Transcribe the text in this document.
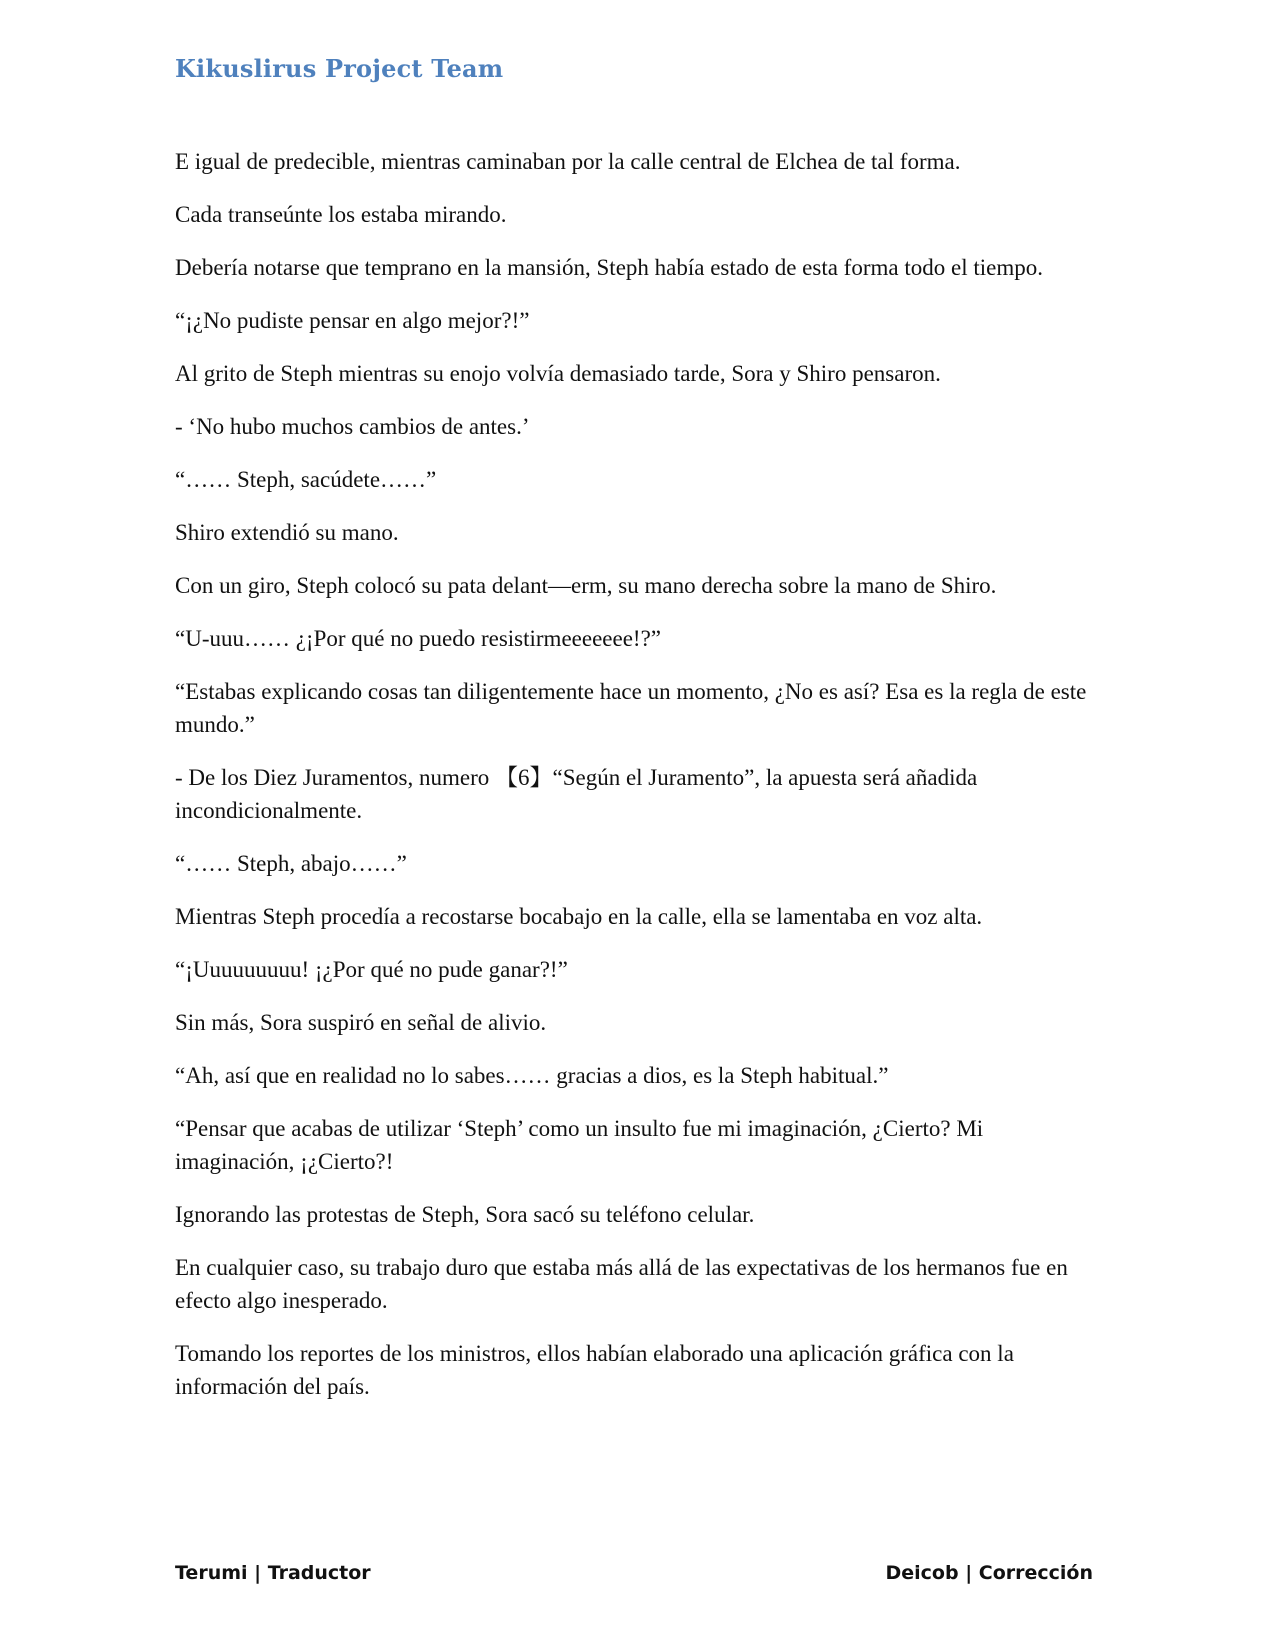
Kikuslirus Project Team

E igual de predecible, mientras caminaban por la calle central de Elchea de tal forma.

Cada transeúnte los estaba mirando.

Debería notarse que temprano en la mansión, Steph había estado de esta forma todo el tiempo.

“¡¿No pudiste pensar en algo mejor?!”

Al grito de Steph mientras su enojo volvía demasiado tarde, Sora y Shiro pensaron.

- ‘No hubo muchos cambios de antes.’

“…… Steph, sacúdete……”

Shiro extendió su mano.

Con un giro, Steph colocó su pata delant—erm, su mano derecha sobre la mano de Shiro.

“U-uuu…… ¿¡Por qué no puedo resistirmeeeeeee!?”

“Estabas explicando cosas tan diligentemente hace un momento, ¿No es así? Esa es la regla de este mundo.”

- De los Diez Juramentos, numero 【6】“Según el Juramento”, la apuesta será añadida incondicionalmente.

“…… Steph, abajo……”

Mientras Steph procedía a recostarse bocabajo en la calle, ella se lamentaba en voz alta.

“¡Uuuuuuuuu! ¡¿Por qué no pude ganar?!”

Sin más, Sora suspiró en señal de alivio.

“Ah, así que en realidad no lo sabes…… gracias a dios, es la Steph habitual.”

“Pensar que acabas de utilizar ‘Steph’ como un insulto fue mi imaginación, ¿Cierto? Mi imaginación, ¡¿Cierto?!

Ignorando las protestas de Steph, Sora sacó su teléfono celular.

En cualquier caso, su trabajo duro que estaba más allá de las expectativas de los hermanos fue en efecto algo inesperado.

Tomando los reportes de los ministros, ellos habían elaborado una aplicación gráfica con la información del país.

Terumi | Traductor	Deicob | Corrección
